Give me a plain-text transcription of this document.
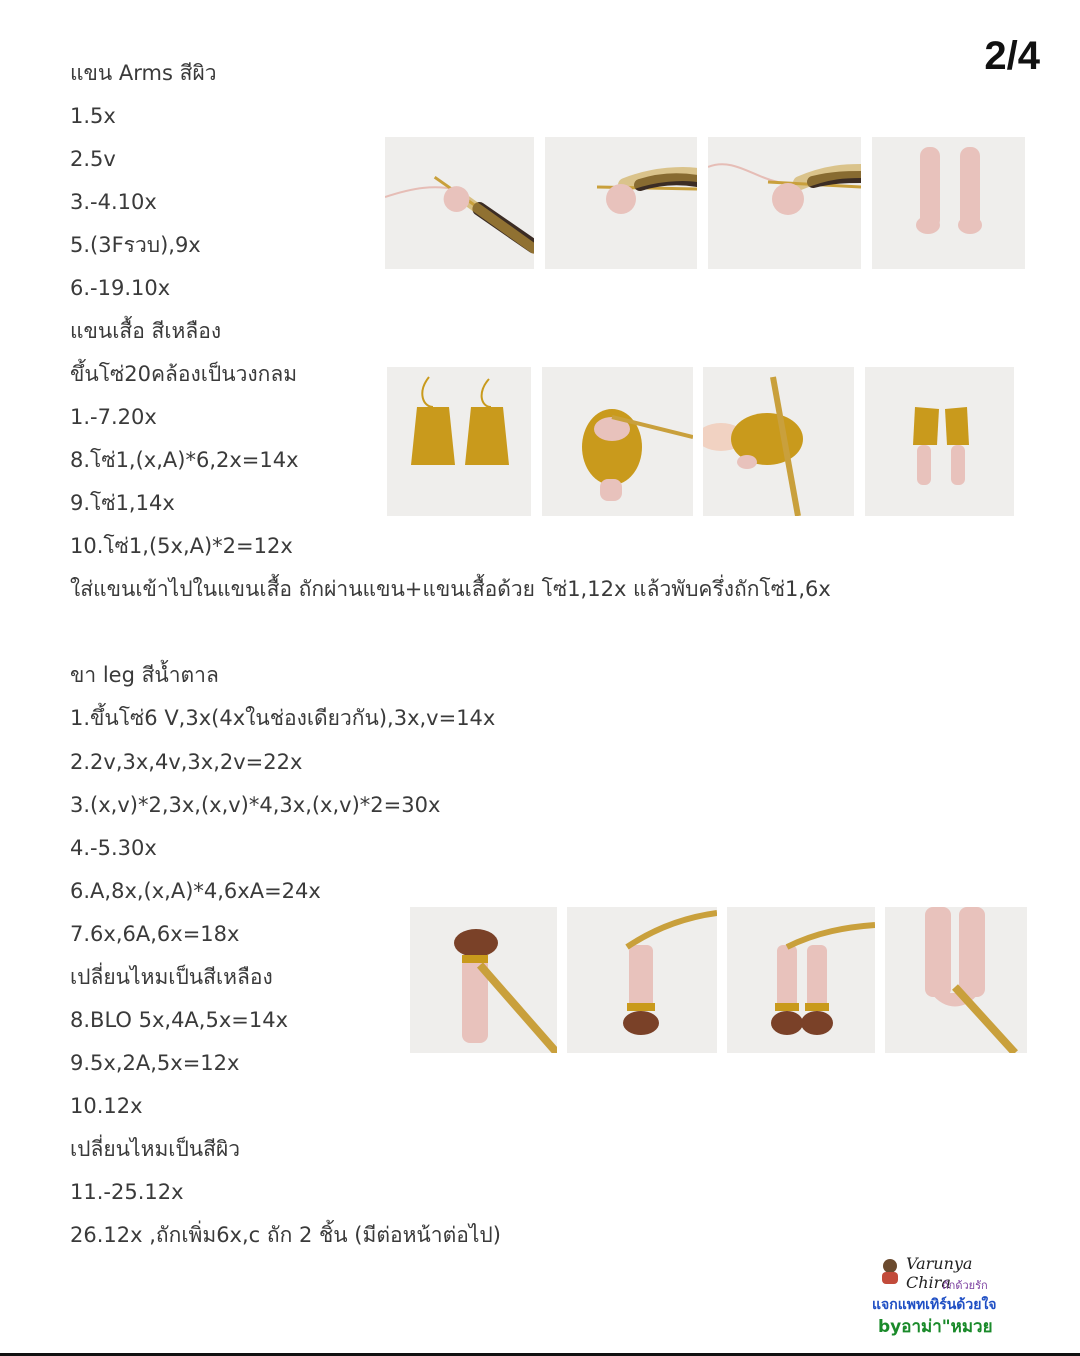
2/4
แขน Arms สีผิว
1.5x
2.5v
3.-4.10x
5.(3Fรวบ),9x
6.-19.10x
แขนเสื้อ สีเหลือง
ขึ้นโซ่20คล้องเป็นวงกลม
1.-7.20x
8.โซ่1,(x,A)*6,2x=14x
9.โซ่1,14x
10.โซ่1,(5x,A)*2=12x
ใส่แขนเข้าไปในแขนเสื้อ ถักผ่านแขน+แขนเสื้อด้วย โซ่1,12x แล้วพับครึ่งถักโซ่1,6x
ขา leg สีน้ำตาล
1.ขึ้นโซ่6 V,3x(4xในช่องเดียวกัน),3x,v=14x
2.2v,3x,4v,3x,2v=22x
3.(x,v)*2,3x,(x,v)*4,3x,(x,v)*2=30x
4.-5.30x
6.A,8x,(x,A)*4,6xA=24x
7.6x,6A,6x=18x
เปลี่ยนไหมเป็นสีเหลือง
8.BLO 5x,4A,5x=14x
9.5x,2A,5x=12x
10.12x
เปลี่ยนไหมเป็นสีผิว
11.-25.12x
26.12x ,ถักเพิ่ม6x,c ถัก 2 ชิ้น (มีต่อหน้าต่อไป)
Varunya Chira
ถักด้วยรัก
แจกแพทเทิร์นด้วยใจ
byอาม่า"หมวย
